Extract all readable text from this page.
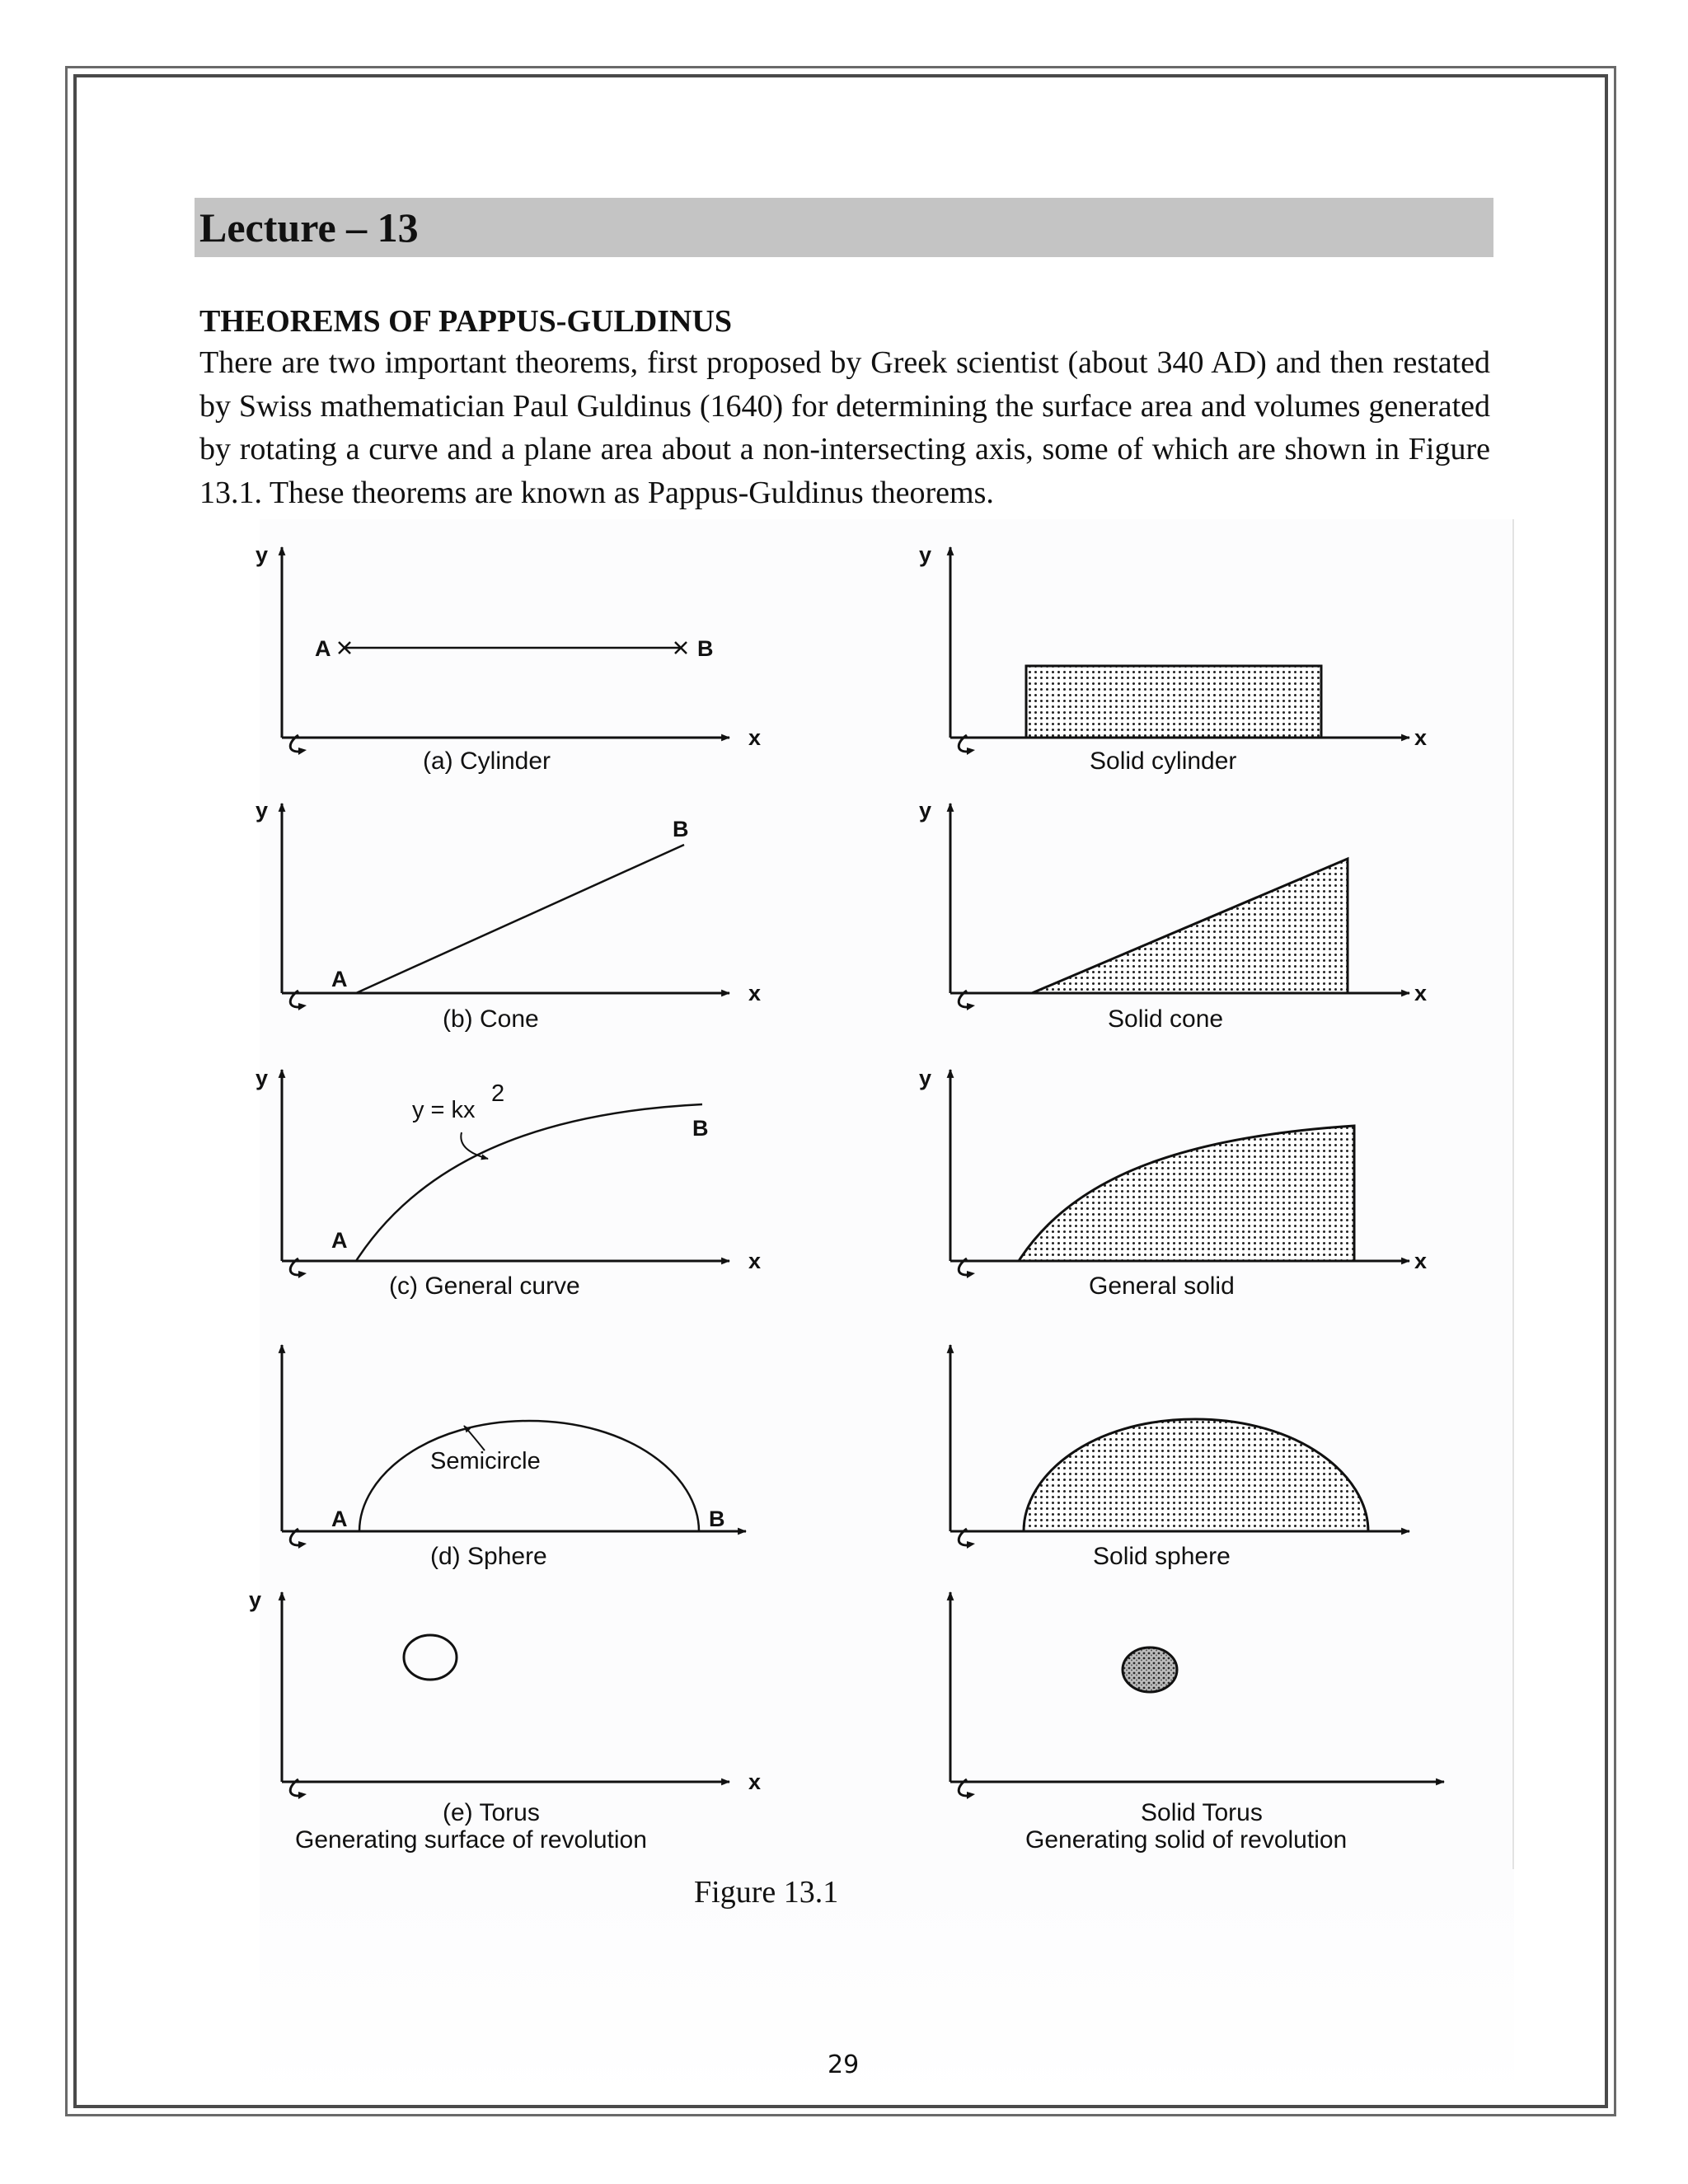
Lecture – 13
THEOREMS OF PAPPUS-GULDINUS

There are two important theorems, first proposed by Greek scientist (about 340 AD) and then restated by Swiss mathematician Paul Guldinus (1640) for determining the surface area and volumes generated by rotating a curve and a plane area about a non-intersecting axis, some of which are shown in Figure 13.1. These theorems are known as Pappus-Guldinus theorems.

y
x
A	B
(a) Cylinder
y
x
Solid cylinder
y
x
A
B
(b) Cone
y
x
Solid cone
y
x
A
B
y = kx
2
(c) General curve
y
x
General solid
Semicircle
A	B
(d) Sphere	Solid sphere
y
x
(e) Torus
Generating surface of revolution
Solid Torus
Generating solid of revolution
Figure 13.1
29
